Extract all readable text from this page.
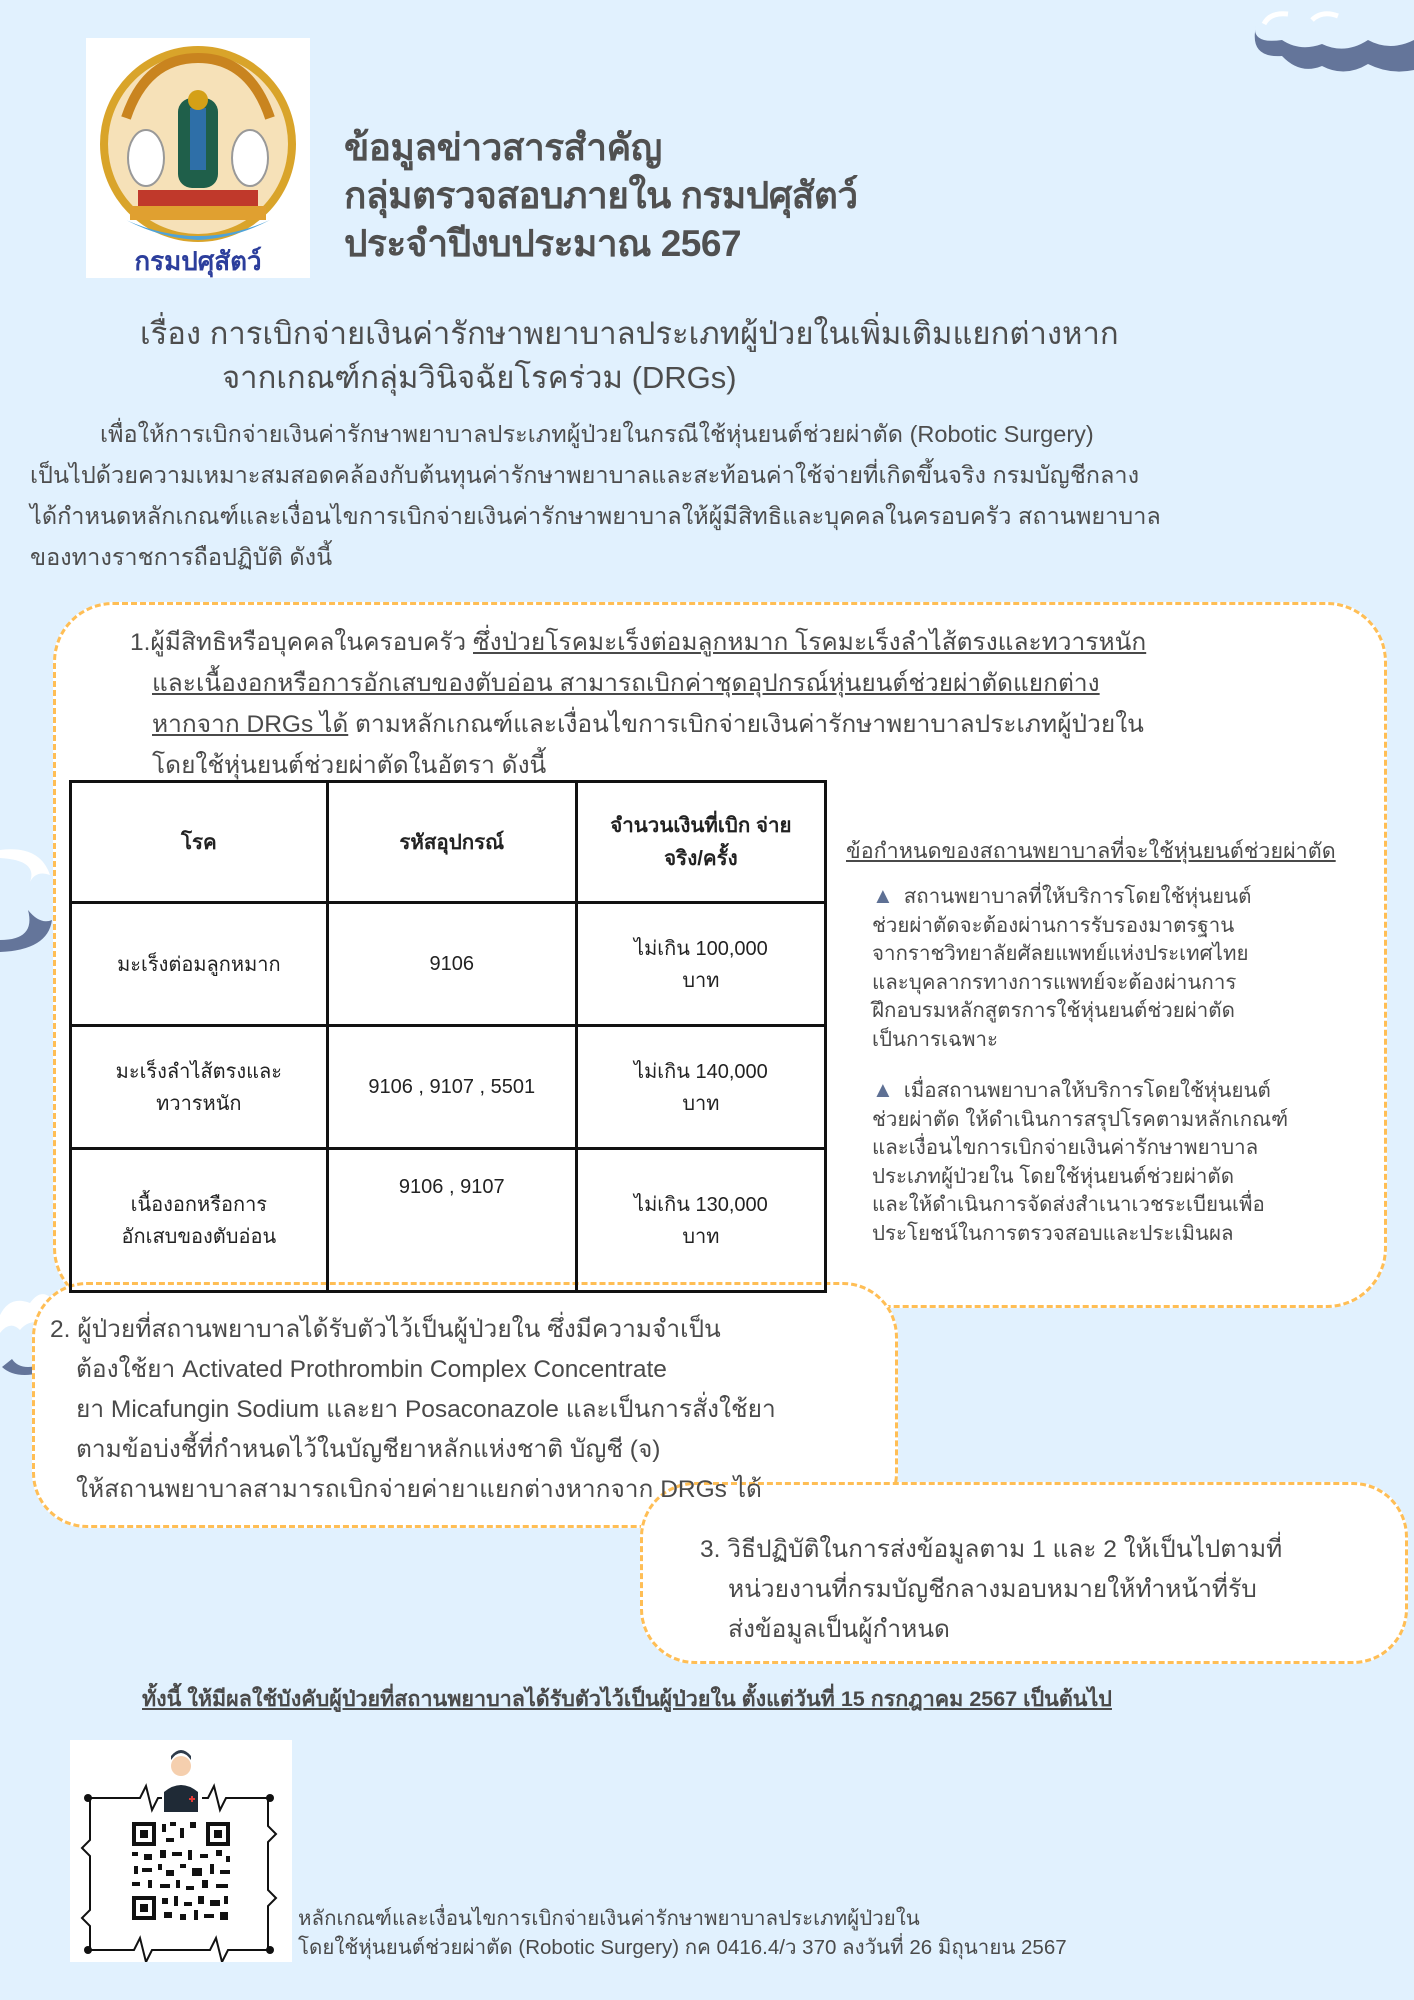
กรมปศุสัตว์
ข้อมูลข่าวสารสำคัญ
กลุ่มตรวจสอบภายใน กรมปศุสัตว์
ประจำปีงบประมาณ 2567
เรื่อง การเบิกจ่ายเงินค่ารักษาพยาบาลประเภทผู้ป่วยในเพิ่มเติมแยกต่างหาก
จากเกณฑ์กลุ่มวินิจฉัยโรคร่วม (DRGs)
เพื่อให้การเบิกจ่ายเงินค่ารักษาพยาบาลประเภทผู้ป่วยในกรณีใช้หุ่นยนต์ช่วยผ่าตัด (Robotic Surgery)
เป็นไปด้วยความเหมาะสมสอดคล้องกับต้นทุนค่ารักษาพยาบาลและสะท้อนค่าใช้จ่ายที่เกิดขึ้นจริง กรมบัญชีกลาง
ได้กำหนดหลักเกณฑ์และเงื่อนไขการเบิกจ่ายเงินค่ารักษาพยาบาลให้ผู้มีสิทธิและบุคคลในครอบครัว สถานพยาบาล
ของทางราชการถือปฏิบัติ ดังนี้
1.ผู้มีสิทธิหรือบุคคลในครอบครัว ซึ่งป่วยโรคมะเร็งต่อมลูกหมาก โรคมะเร็งลำไส้ตรงและทวารหนัก
และเนื้องอกหรือการอักเสบของตับอ่อน สามารถเบิกค่าชุดอุปกรณ์หุ่นยนต์ช่วยผ่าตัดแยกต่าง
หากจาก DRGs ได้ ตามหลักเกณฑ์และเงื่อนไขการเบิกจ่ายเงินค่ารักษาพยาบาลประเภทผู้ป่วยใน
โดยใช้หุ่นยนต์ช่วยผ่าตัดในอัตรา ดังนี้
โรค	รหัสอุปกรณ์	จำนวนเงินที่เบิก จ่ายจริง/ครั้ง
มะเร็งต่อมลูกหมาก	9106	ไม่เกิน 100,000 บาท
มะเร็งลำไส้ตรงและ ทวารหนัก	9106 , 9107 , 5501	ไม่เกิน 140,000 บาท
เนื้องอกหรือการ อักเสบของตับอ่อน	9106 , 9107	ไม่เกิน 130,000 บาท
ข้อกำหนดของสถานพยาบาลที่จะใช้หุ่นยนต์ช่วยผ่าตัด
▲ สถานพยาบาลที่ให้บริการโดยใช้หุ่นยนต์
ช่วยผ่าตัดจะต้องผ่านการรับรองมาตรฐาน
จากราชวิทยาลัยศัลยแพทย์แห่งประเทศไทย
และบุคลากรทางการแพทย์จะต้องผ่านการ
ฝึกอบรมหลักสูตรการใช้หุ่นยนต์ช่วยผ่าตัด
เป็นการเฉพาะ
▲ เมื่อสถานพยาบาลให้บริการโดยใช้หุ่นยนต์
ช่วยผ่าตัด ให้ดำเนินการสรุปโรคตามหลักเกณฑ์
และเงื่อนไขการเบิกจ่ายเงินค่ารักษาพยาบาล
ประเภทผู้ป่วยใน โดยใช้หุ่นยนต์ช่วยผ่าตัด
และให้ดำเนินการจัดส่งสำเนาเวชระเบียนเพื่อ
ประโยชน์ในการตรวจสอบและประเมินผล
2. ผู้ป่วยที่สถานพยาบาลได้รับตัวไว้เป็นผู้ป่วยใน ซึ่งมีความจำเป็น
ต้องใช้ยา Activated Prothrombin Complex Concentrate
ยา Micafungin Sodium และยา Posaconazole และเป็นการสั่งใช้ยา
ตามข้อบ่งชี้ที่กำหนดไว้ในบัญชียาหลักแห่งชาติ บัญชี (จ)
ให้สถานพยาบาลสามารถเบิกจ่ายค่ายาแยกต่างหากจาก DRGs ได้
3. วิธีปฏิบัติในการส่งข้อมูลตาม 1 และ 2 ให้เป็นไปตามที่
หน่วยงานที่กรมบัญชีกลางมอบหมายให้ทำหน้าที่รับ
ส่งข้อมูลเป็นผู้กำหนด
ทั้งนี้ ให้มีผลใช้บังคับผู้ป่วยที่สถานพยาบาลได้รับตัวไว้เป็นผู้ป่วยใน ตั้งแต่วันที่ 15 กรกฎาคม 2567 เป็นต้นไป
หลักเกณฑ์และเงื่อนไขการเบิกจ่ายเงินค่ารักษาพยาบาลประเภทผู้ป่วยใน
โดยใช้หุ่นยนต์ช่วยผ่าตัด (Robotic Surgery) กค 0416.4/ว 370 ลงวันที่ 26 มิถุนายน 2567
